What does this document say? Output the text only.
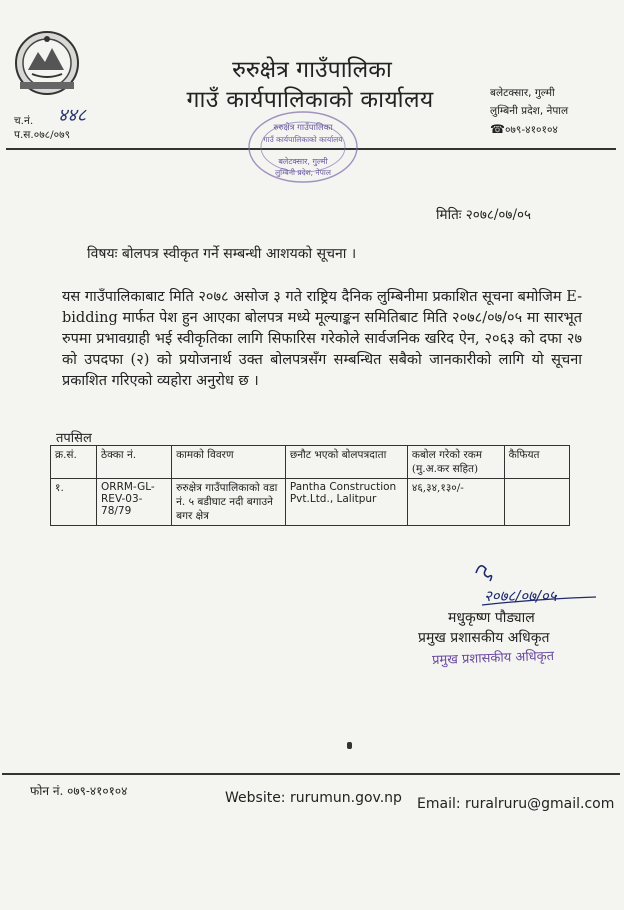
रुरुक्षेत्र गाउँपालिका
गाउँ कार्यपालिकाको कार्यालय
च.नं. ४४८
प.स.०७८/०७९
बलेटक्सार, गुल्मी
लुम्बिनी प्रदेश, नेपाल
☎०७९-४१०१०४
रुरुक्षेत्र गाउँपालिका
गाउँ कार्यपालिकाको कार्यालय
बलेटक्सार, गुल्मी
लुम्बिनी प्रदेश, नेपाल
मितिः २०७८/०७/०५
विषयः बोलपत्र स्वीकृत गर्ने सम्बन्धी आशयको सूचना ।
यस गाउँपालिकाबाट मिति २०७८ असोज ३ गते राष्ट्रिय दैनिक लुम्बिनीमा प्रकाशित सूचना बमोजिम E-bidding मार्फत पेश हुन आएका बोलपत्र मध्ये मूल्याङ्कन समितिबाट मिति २०७८/०७/०५ मा सारभूत रुपमा प्रभावग्राही भई स्वीकृतिका लागि सिफारिस गरेकोले सार्वजनिक खरिद ऐन, २०६३ को दफा २७ को उपदफा (२) को प्रयोजनार्थ उक्त बोलपत्रसँग सम्बन्धित सबैको जानकारीको लागि यो सूचना प्रकाशित गरिएको व्यहोरा अनुरोध छ ।
तपसिल
क्र.सं.	ठेक्का नं.	कामको विवरण	छनौट भएको बोलपत्रदाता	कबोल गरेको रकम (मु.अ.कर सहित)	कैफियत
१.	ORRM-GL-REV-03-78/79	रुरुक्षेत्र गाउँपालिकाको वडा नं. ५ बडीघाट नदी बगाउने बगर क्षेत्र	Pantha Construction Pvt.Ltd., Lalitpur	४६,३४,१३०/-	
२०७८/०७/०५
मधुकृष्ण पौड्याल
प्रमुख प्रशासकीय अधिकृत
प्रमुख प्रशासकीय अधिकृत
फोन नं. ०७९-४१०१०४	Website: rurumun.gov.np Email: ruralruru@gmail.com
